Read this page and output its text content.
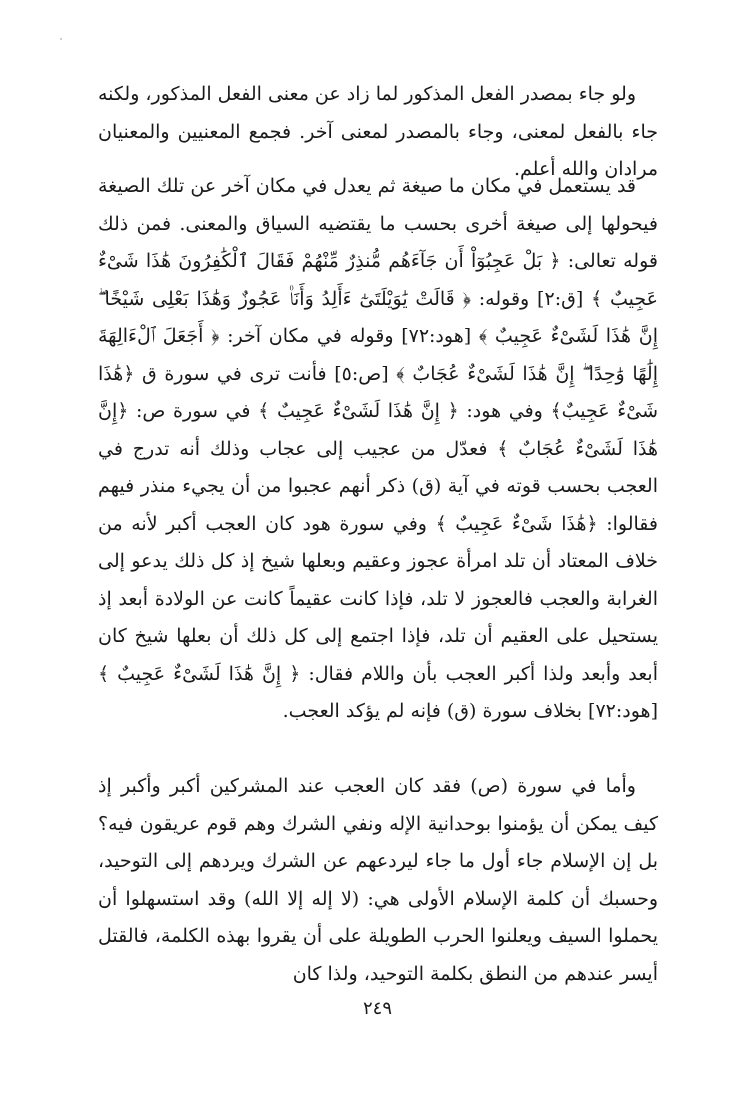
ولو جاء بمصدر الفعل المذكور لما زاد عن معنى الفعل المذكور، ولكنه جاء بالفعل لمعنى، وجاء بالمصدر لمعنى آخر. فجمع المعنيين والمعنيان مرادان والله أعلم.

قد يستعمل في مكان ما صيغة ثم يعدل في مكان آخر عن تلك الصيغة فيحولها إلى صيغة أخرى بحسب ما يقتضيه السياق والمعنى. فمن ذلك قوله تعالى: ﴿ بَلْ عَجِبُوٓاْ أَن جَآءَهُم مُّنذِرٌ مِّنْهُمْ فَقَالَ ٱلْكَٰفِرُونَ هَٰذَا شَىْءٌ عَجِيبٌ ﴾ [ق:٢] وقوله: ﴿ قَالَتْ يَٰوَيْلَتَىٰٓ ءَأَلِدُ وَأَنَا۠ عَجُوزٌ وَهَٰذَا بَعْلِى شَيْخًا ۖ إِنَّ هَٰذَا لَشَىْءٌ عَجِيبٌ ﴾ [هود:٧٢] وقوله في مكان آخر: ﴿ أَجَعَلَ ٱلْءَالِهَةَ إِلَٰهًا وَٰحِدًا ۖ إِنَّ هَٰذَا لَشَىْءٌ عُجَابٌ ﴾ [ص:٥] فأنت ترى في سورة ق ﴿هَٰذَا شَىْءٌ عَجِيبٌ﴾ وفي هود: ﴿ إِنَّ هَٰذَا لَشَىْءٌ عَجِيبٌ ﴾ في سورة ص: ﴿إِنَّ هَٰذَا لَشَىْءٌ عُجَابٌ ﴾ فعدّل من عجيب إلى عجاب وذلك أنه تدرج في العجب بحسب قوته في آية (ق) ذكر أنهم عجبوا من أن يجيء منذر فيهم فقالوا: ﴿هَٰذَا شَىْءٌ عَجِيبٌ ﴾ وفي سورة هود كان العجب أكبر لأنه من خلاف المعتاد أن تلد امرأة عجوز وعقيم وبعلها شيخ إذ كل ذلك يدعو إلى الغرابة والعجب فالعجوز لا تلد، فإذا كانت عقيماً كانت عن الولادة أبعد إذ يستحيل على العقيم أن تلد، فإذا اجتمع إلى كل ذلك أن بعلها شيخ كان أبعد وأبعد ولذا أكبر العجب بأن واللام فقال: ﴿ إِنَّ هَٰذَا لَشَىْءٌ عَجِيبٌ ﴾ [هود:٧٢] بخلاف سورة (ق) فإنه لم يؤكد العجب.

وأما في سورة (ص) فقد كان العجب عند المشركين أكبر وأكبر إذ كيف يمكن أن يؤمنوا بوحدانية الإله ونفي الشرك وهم قوم عريقون فيه؟ بل إن الإسلام جاء أول ما جاء ليردعهم عن الشرك ويردهم إلى التوحيد، وحسبك أن كلمة الإسلام الأولى هي: (لا إله إلا الله) وقد استسهلوا أن يحملوا السيف ويعلنوا الحرب الطويلة على أن يقروا بهذه الكلمة، فالقتل أيسر عندهم من النطق بكلمة التوحيد، ولذا كان

٢٤٩
